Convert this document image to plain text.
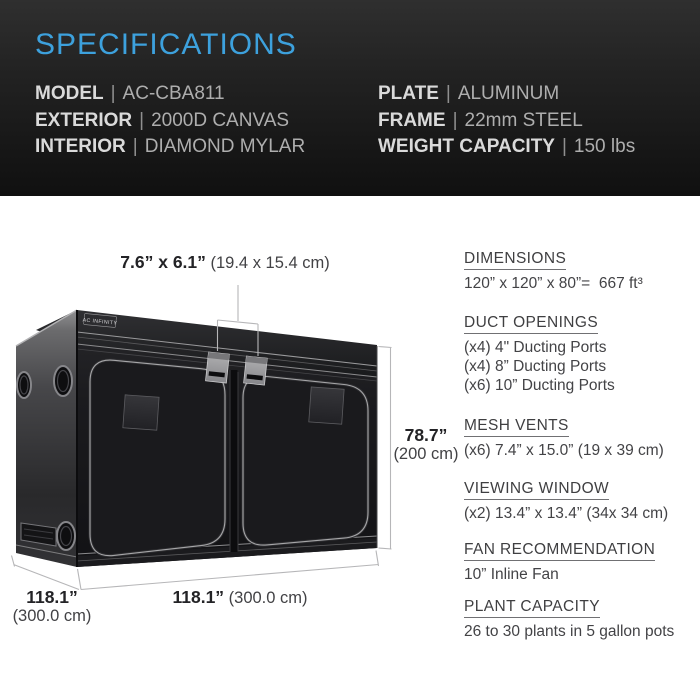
SPECIFICATIONS
MODEL | AC-CBA811
EXTERIOR | 2000D CANVAS
INTERIOR | DIAMOND MYLAR
PLATE | ALUMINUM
FRAME | 22mm STEEL
WEIGHT CAPACITY | 150 lbs
AC INFINITY
7.6” x 6.1” (19.4 x 15.4 cm)
78.7”
(200 cm)
118.1” (300.0 cm)
118.1”
(300.0 cm)
DIMENSIONS
120” x 120” x 80”=  667 ft³
DUCT OPENINGS
(x4) 4" Ducting Ports
(x4) 8” Ducting Ports
(x6) 10” Ducting Ports
MESH VENTS
(x6) 7.4” x 15.0” (19 x 39 cm)
VIEWING WINDOW
(x2) 13.4” x 13.4” (34x 34 cm)
FAN RECOMMENDATION
10” Inline Fan
PLANT CAPACITY
26 to 30 plants in 5 gallon pots
